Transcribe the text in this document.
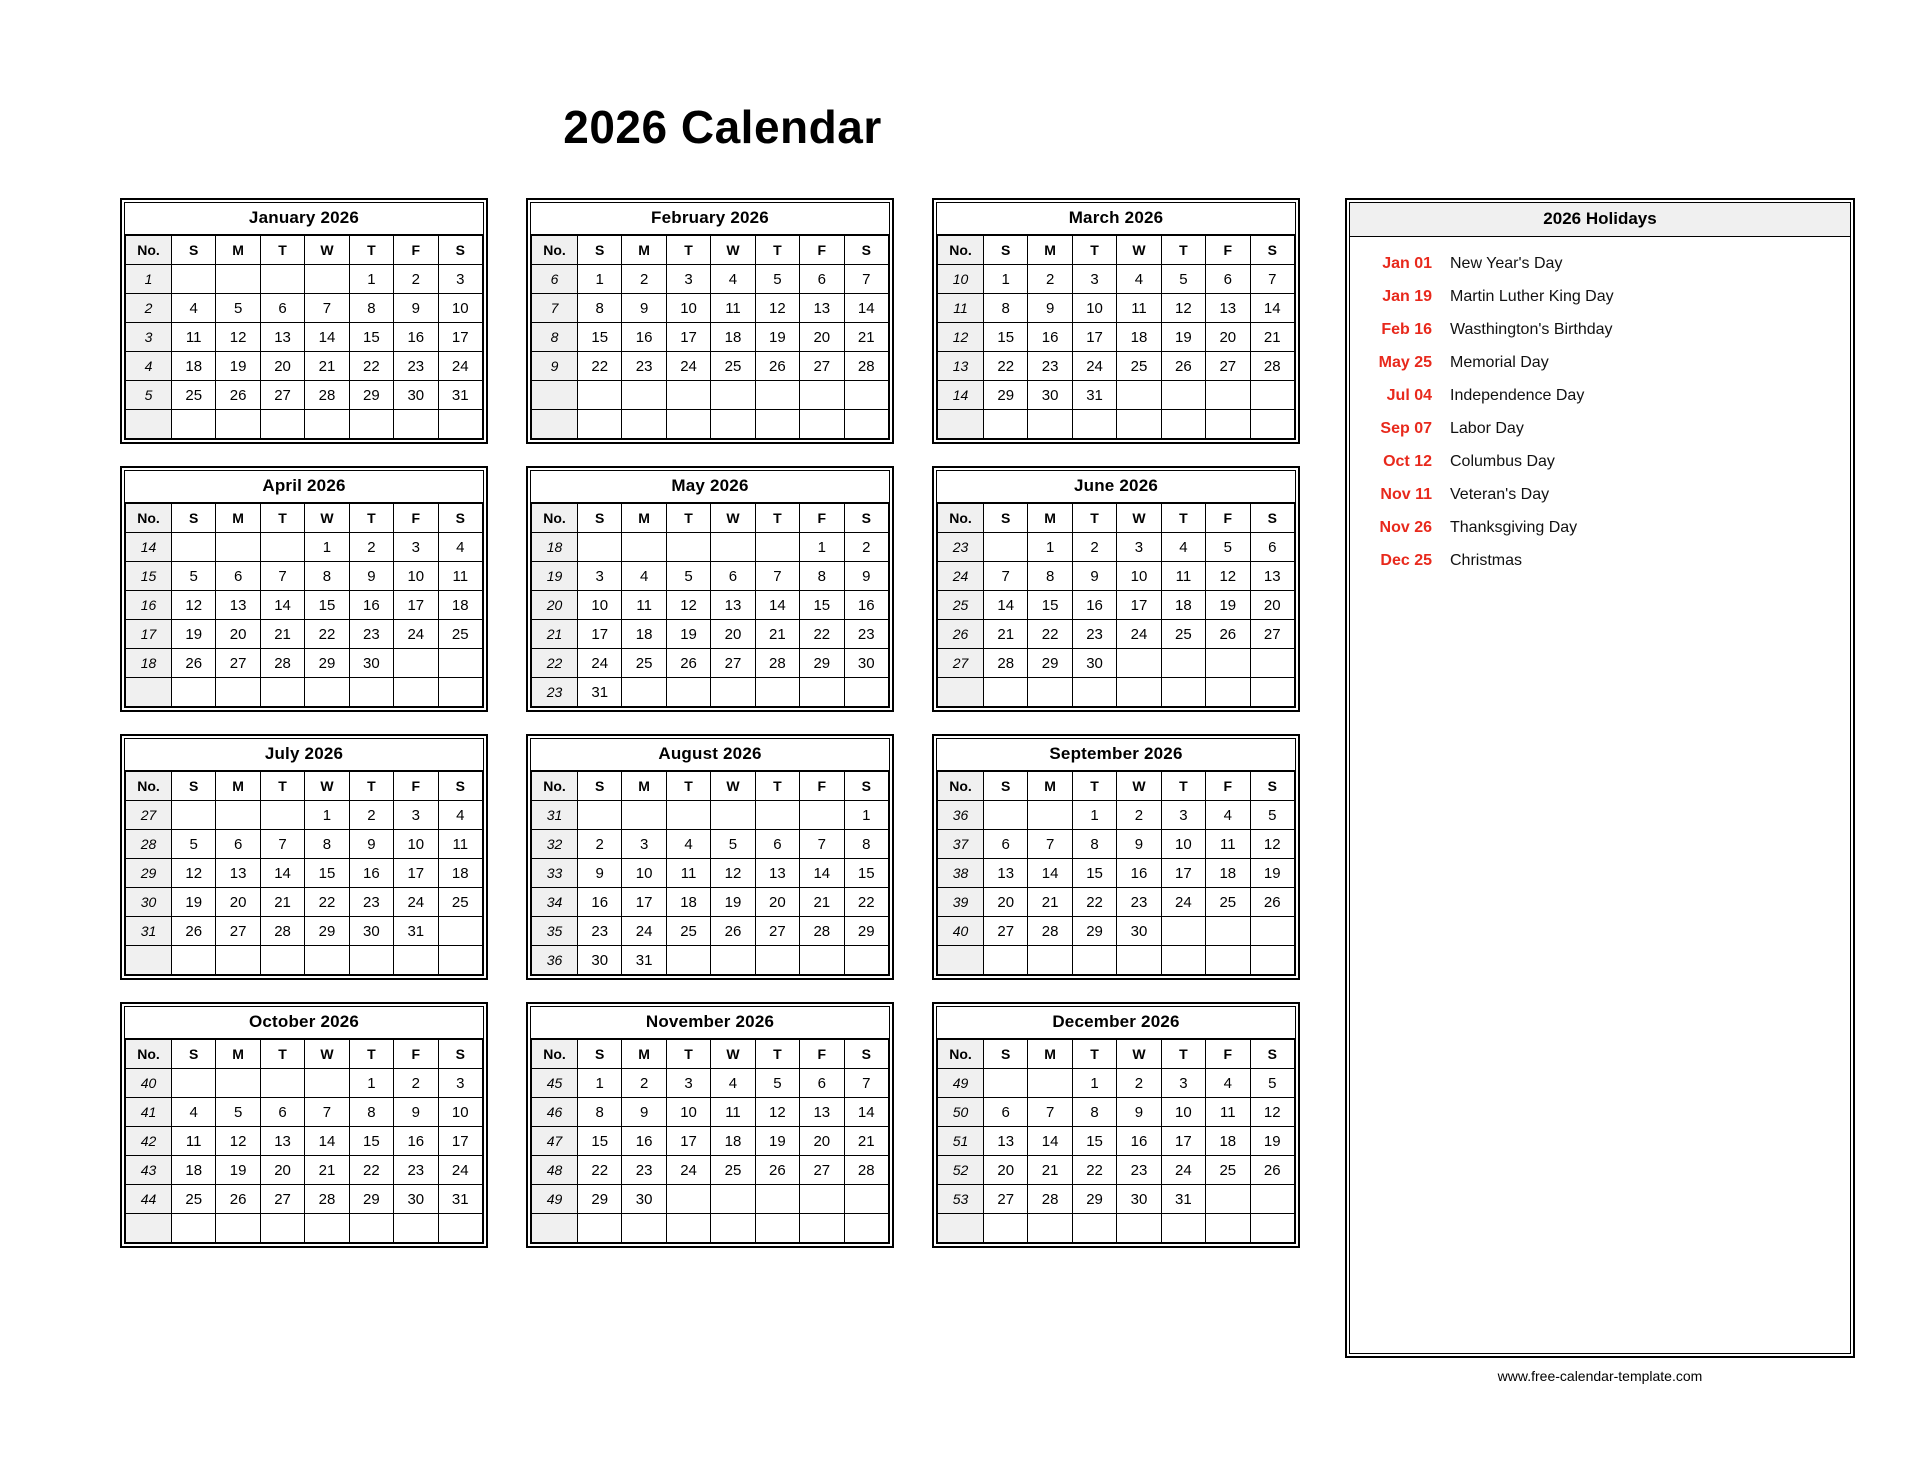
2026 Calendar
January 2026
No.	S	M	T	W	T	F	S
1					1	2	3
2	4	5	6	7	8	9	10
3	11	12	13	14	15	16	17
4	18	19	20	21	22	23	24
5	25	26	27	28	29	30	31

February 2026
No.	S	M	T	W	T	F	S
6	1	2	3	4	5	6	7
7	8	9	10	11	12	13	14
8	15	16	17	18	19	20	21
9	22	23	24	25	26	27	28

March 2026
No.	S	M	T	W	T	F	S
10	1	2	3	4	5	6	7
11	8	9	10	11	12	13	14
12	15	16	17	18	19	20	21
13	22	23	24	25	26	27	28
14	29	30	31				

April 2026
No.	S	M	T	W	T	F	S
14				1	2	3	4
15	5	6	7	8	9	10	11
16	12	13	14	15	16	17	18
17	19	20	21	22	23	24	25
18	26	27	28	29	30		

May 2026
No.	S	M	T	W	T	F	S
18						1	2
19	3	4	5	6	7	8	9
20	10	11	12	13	14	15	16
21	17	18	19	20	21	22	23
22	24	25	26	27	28	29	30
23	31						
June 2026
No.	S	M	T	W	T	F	S
23		1	2	3	4	5	6
24	7	8	9	10	11	12	13
25	14	15	16	17	18	19	20
26	21	22	23	24	25	26	27
27	28	29	30				

July 2026
No.	S	M	T	W	T	F	S
27				1	2	3	4
28	5	6	7	8	9	10	11
29	12	13	14	15	16	17	18
30	19	20	21	22	23	24	25
31	26	27	28	29	30	31	

August 2026
No.	S	M	T	W	T	F	S
31							1
32	2	3	4	5	6	7	8
33	9	10	11	12	13	14	15
34	16	17	18	19	20	21	22
35	23	24	25	26	27	28	29
36	30	31					
September 2026
No.	S	M	T	W	T	F	S
36			1	2	3	4	5
37	6	7	8	9	10	11	12
38	13	14	15	16	17	18	19
39	20	21	22	23	24	25	26
40	27	28	29	30			

October 2026
No.	S	M	T	W	T	F	S
40					1	2	3
41	4	5	6	7	8	9	10
42	11	12	13	14	15	16	17
43	18	19	20	21	22	23	24
44	25	26	27	28	29	30	31

November 2026
No.	S	M	T	W	T	F	S
45	1	2	3	4	5	6	7
46	8	9	10	11	12	13	14
47	15	16	17	18	19	20	21
48	22	23	24	25	26	27	28
49	29	30					

December 2026
No.	S	M	T	W	T	F	S
49			1	2	3	4	5
50	6	7	8	9	10	11	12
51	13	14	15	16	17	18	19
52	20	21	22	23	24	25	26
53	27	28	29	30	31		

2026 Holidays
Jan 01	New Year's Day
Jan 19	Martin Luther King Day
Feb 16	Wasthington's Birthday
May 25	Memorial Day
Jul 04	Independence Day
Sep 07	Labor Day
Oct 12	Columbus Day
Nov 11	Veteran's Day
Nov 26	Thanksgiving Day
Dec 25	Christmas
www.free-calendar-template.com
